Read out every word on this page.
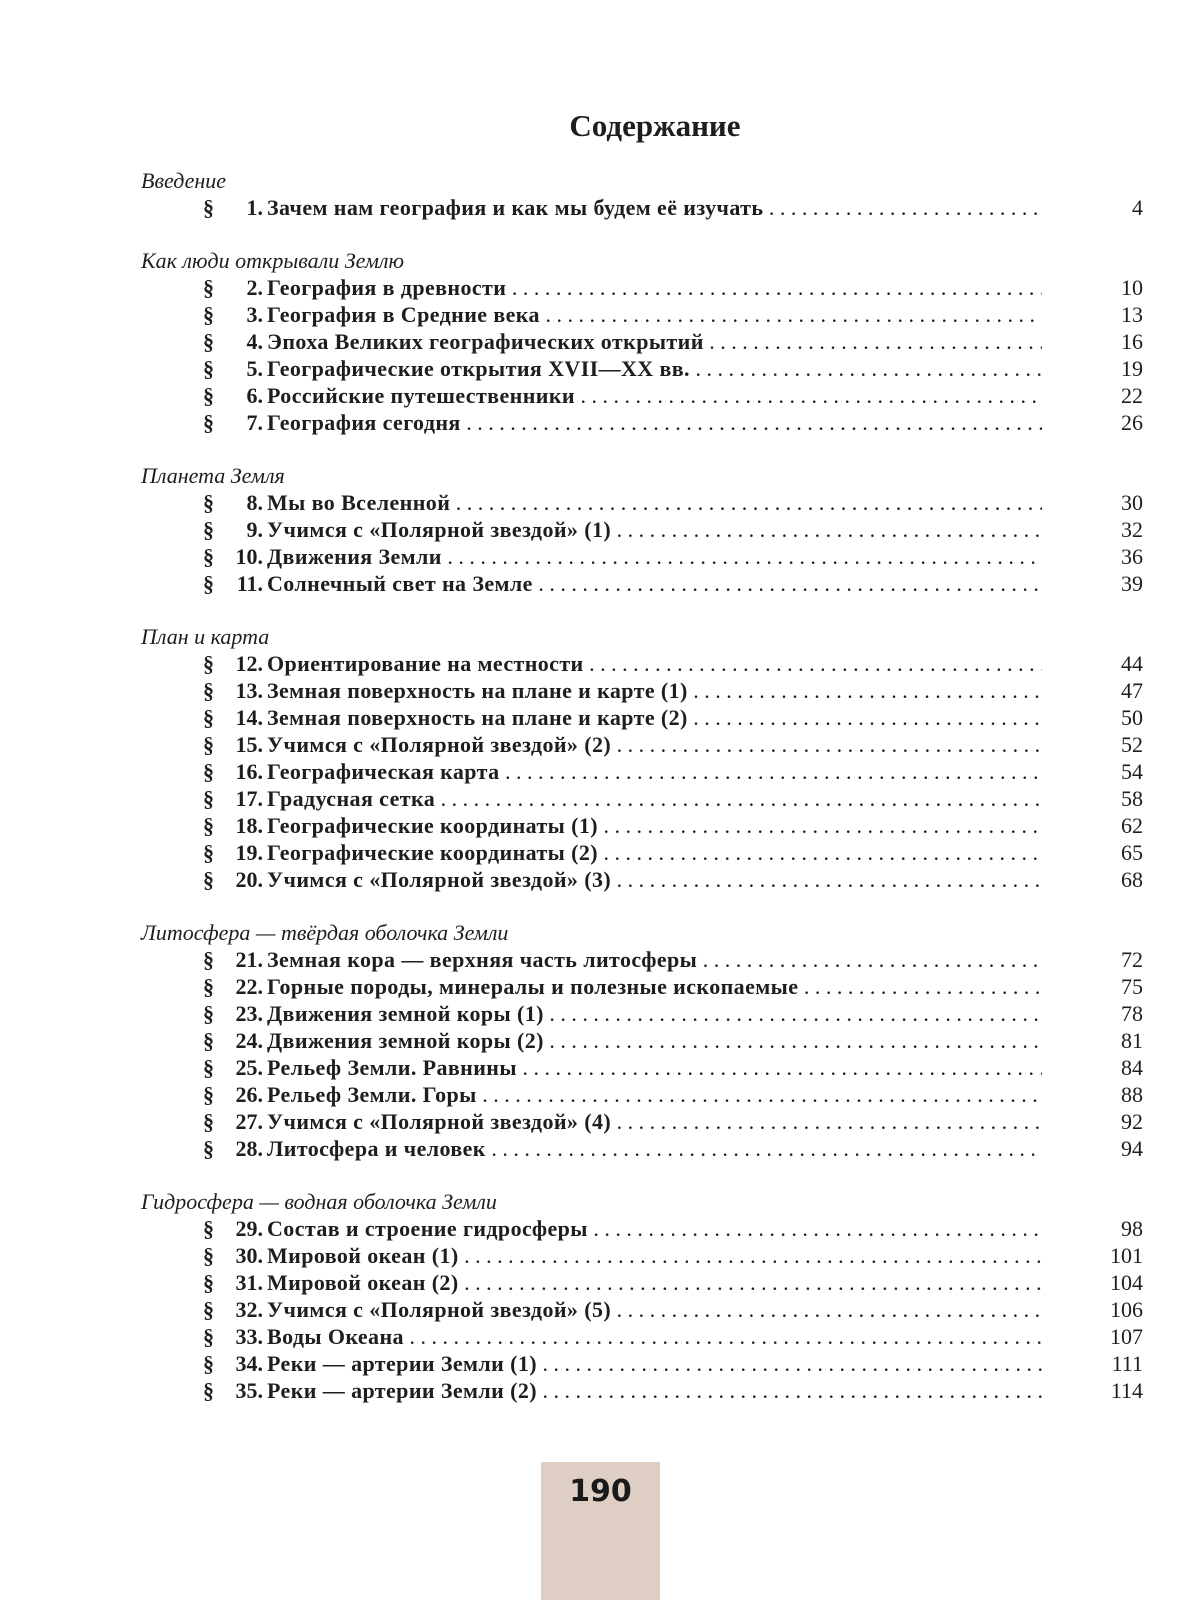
Содержание
Введение
§	1. Зачем нам география и как мы будем её изучать . . .	4
Как люди открывали Землю
§	2. География в древности . . .	10
§	3. География в Средние века . . .	13
§	4. Эпоха Великих географических открытий . . .	16
§	5. Географические открытия XVII—XX вв. . . .	19
§	6. Российские путешественники . . .	22
§	7. География сегодня . . .	26
Планета Земля
§	8. Мы во Вселенной . . .	30
§	9. Учимся с «Полярной звездой» (1) . . .	32
§ 10. Движения Земли . . .	36
§	11. Солнечный свет на Земле . . .	39
План и карта
§ 12. Ориентирование на местности . . .	44
§ 13. Земная поверхность на плане и карте (1) . . .	47
§ 14. Земная поверхность на плане и карте (2) . . .	50
§ 15. Учимся с «Полярной звездой» (2) . . .	52
§ 16. Географическая карта . . .	54
§ 17. Градусная сетка . . .	58
§ 18. Географические координаты (1) . . .	62
§ 19. Географические координаты (2) . . .	65
§ 20. Учимся с «Полярной звездой» (3) . . .	68
Литосфера — твёрдая оболочка Земли
§ 21. Земная кора — верхняя часть литосферы . . .	72
§ 22. Горные породы, минералы и полезные ископаемые . . .	75
§ 23. Движения земной коры (1) . . .	78
§ 24. Движения земной коры (2) . . .	81
§ 25. Рельеф Земли. Равнины . . .	84
§ 26. Рельеф Земли. Горы . . .	88
§ 27. Учимся с «Полярной звездой» (4) . . .	92
§ 28. Литосфера и человек . . .	94
Гидросфера — водная оболочка Земли
§ 29. Состав и строение гидросферы . . .	98
§ 30. Мировой океан (1) . . .	101
§ 31. Мировой океан (2) . . .	104
§ 32. Учимся с «Полярной звездой» (5) . . .	106
§ 33. Воды Океана . . .	107
§ 34. Реки — артерии Земли (1) . . .	111
§ 35. Реки — артерии Земли (2) . . .	114
190
